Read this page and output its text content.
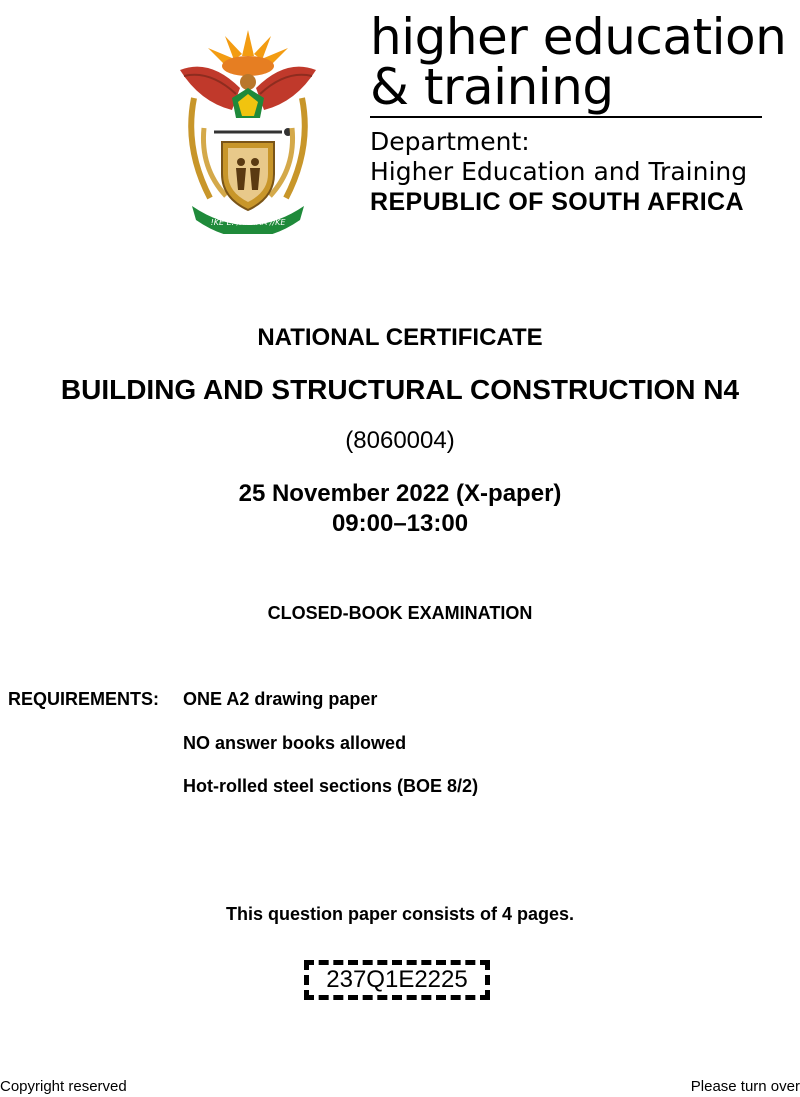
!KE E: /XARRA //KE
higher education
& training
Department:
Higher Education and Training
REPUBLIC OF SOUTH AFRICA
NATIONAL CERTIFICATE
BUILDING AND STRUCTURAL CONSTRUCTION N4
(8060004)
25 November 2022 (X-paper)
09:00–13:00
CLOSED-BOOK EXAMINATION
REQUIREMENTS: ONE A2 drawing paper
NO answer books allowed
Hot-rolled steel sections (BOE 8/2)
This question paper consists of 4 pages.
237Q1E2225
Copyright reserved	Please turn over
